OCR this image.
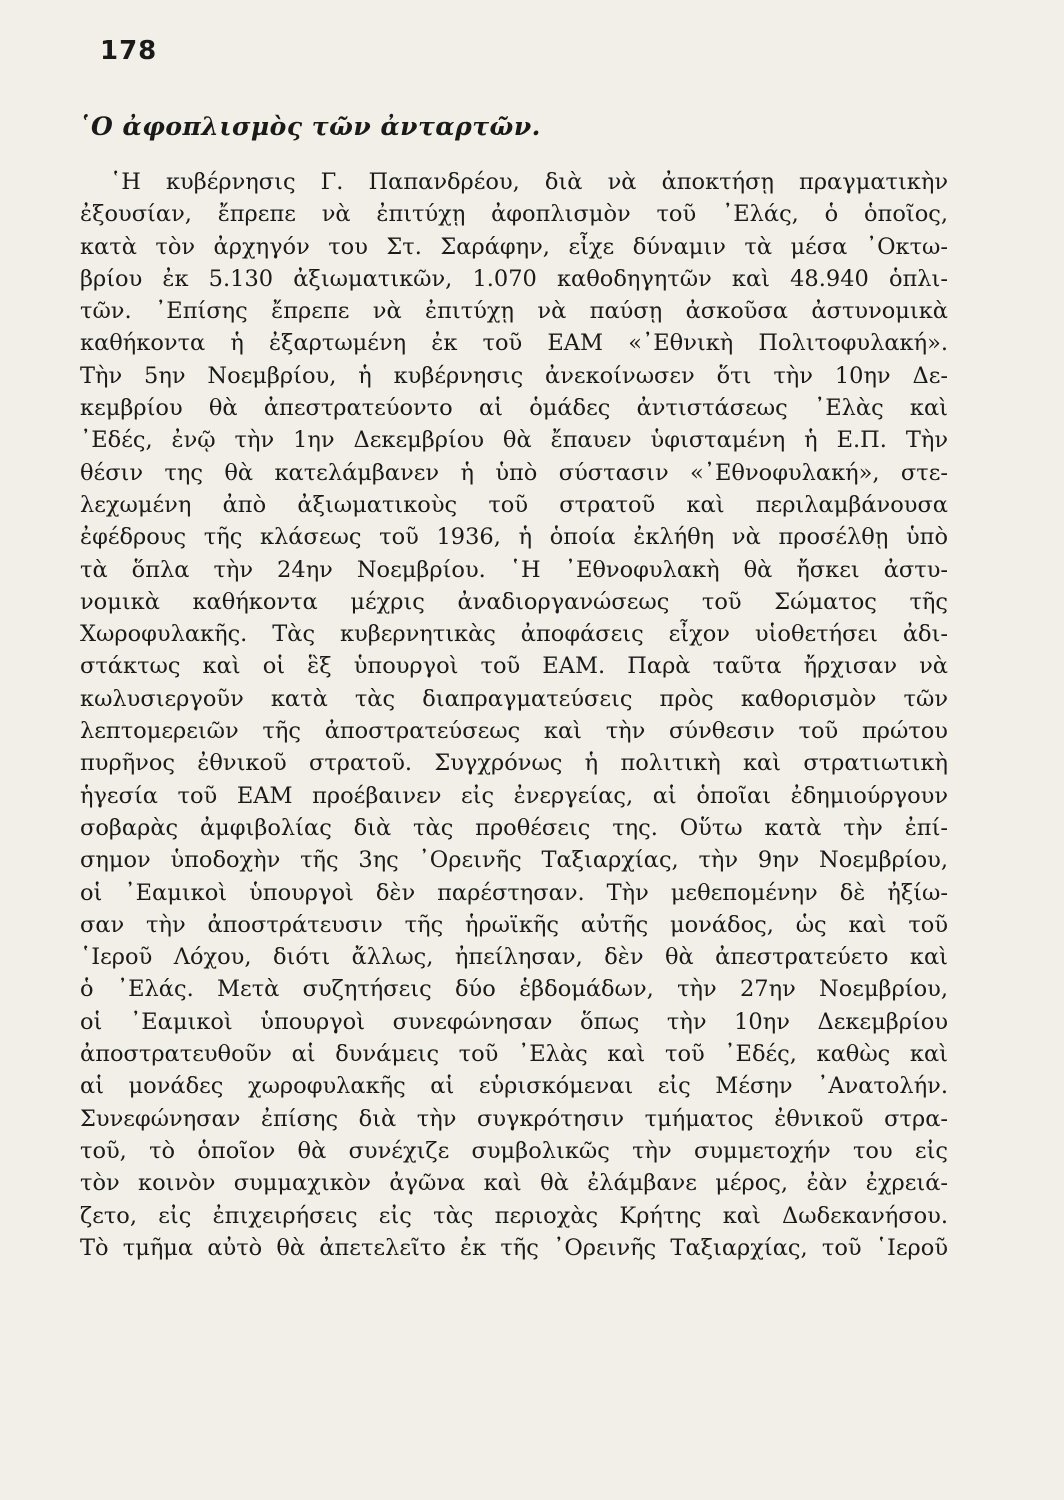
178
῾Ο ἀφοπλισμὸς τῶν ἀνταρτῶν.
῾Η κυβέρνησις Γ. Παπανδρέου, διὰ νὰ ἀποκτήσῃ πραγματικὴν
ἐξουσίαν, ἔπρεπε νὰ ἐπιτύχῃ ἀφοπλισμὸν τοῦ ᾿Ελάς, ὁ ὁποῖος,
κατὰ τὸν ἀρχηγόν του Στ. Σαράφην, εἶχε δύναμιν τὰ μέσα ᾿Οκτω-
βρίου ἐκ 5.130 ἀξιωματικῶν, 1.070 καθοδηγητῶν καὶ 48.940 ὁπλι-
τῶν. ᾿Επίσης ἔπρεπε νὰ ἐπιτύχῃ νὰ παύσῃ ἀσκοῦσα ἀστυνομικὰ
καθήκοντα ἡ ἐξαρτωμένη ἐκ τοῦ ΕΑΜ «᾿Εθνικὴ Πολιτοφυλακή».
Τὴν 5ην Νοεμβρίου, ἡ κυβέρνησις ἀνεκοίνωσεν ὅτι τὴν 10ην Δε-
κεμβρίου θὰ ἀπεστρατεύοντο αἱ ὁμάδες ἀντιστάσεως ᾿Ελὰς καὶ
᾿Εδές, ἐνῷ τὴν 1ην Δεκεμβρίου θὰ ἔπαυεν ὑφισταμένη ἡ Ε.Π. Τὴν
θέσιν της θὰ κατελάμβανεν ἡ ὑπὸ σύστασιν «᾿Εθνοφυλακή», στε-
λεχωμένη ἀπὸ ἀξιωματικοὺς τοῦ στρατοῦ καὶ περιλαμβάνουσα
ἐφέδρους τῆς κλάσεως τοῦ 1936, ἡ ὁποία ἐκλήθη νὰ προσέλθῃ ὑπὸ
τὰ ὅπλα τὴν 24ην Νοεμβρίου. ῾Η ᾿Εθνοφυλακὴ θὰ ἤσκει ἀστυ-
νομικὰ καθήκοντα μέχρις ἀναδιοργανώσεως τοῦ Σώματος τῆς
Χωροφυλακῆς. Τὰς κυβερνητικὰς ἀποφάσεις εἶχον υἱοθετήσει ἀδι-
στάκτως καὶ οἱ ἓξ ὑπουργοὶ τοῦ ΕΑΜ. Παρὰ ταῦτα ἤρχισαν νὰ
κωλυσιεργοῦν κατὰ τὰς διαπραγματεύσεις πρὸς καθορισμὸν τῶν
λεπτομερειῶν τῆς ἀποστρατεύσεως καὶ τὴν σύνθεσιν τοῦ πρώτου
πυρῆνος ἐθνικοῦ στρατοῦ. Συγχρόνως ἡ πολιτικὴ καὶ στρατιωτικὴ
ἡγεσία τοῦ ΕΑΜ προέβαινεν εἰς ἐνεργείας, αἱ ὁποῖαι ἐδημιούργουν
σοβαρὰς ἀμφιβολίας διὰ τὰς προθέσεις της. Οὕτω κατὰ τὴν ἐπί-
σημον ὑποδοχὴν τῆς 3ης ᾿Ορεινῆς Ταξιαρχίας, τὴν 9ην Νοεμβρίου,
οἱ ᾿Εαμικοὶ ὑπουργοὶ δὲν παρέστησαν. Τὴν μεθεπομένην δὲ ἠξίω-
σαν τὴν ἀποστράτευσιν τῆς ἡρωϊκῆς αὐτῆς μονάδος, ὡς καὶ τοῦ
῾Ιεροῦ Λόχου, διότι ἄλλως, ἠπείλησαν, δὲν θὰ ἀπεστρατεύετο καὶ
ὁ ᾿Ελάς. Μετὰ συζητήσεις δύο ἑβδομάδων, τὴν 27ην Νοεμβρίου,
οἱ ᾿Εαμικοὶ ὑπουργοὶ συνεφώνησαν ὅπως τὴν 10ην Δεκεμβρίου
ἀποστρατευθοῦν αἱ δυνάμεις τοῦ ᾿Ελὰς καὶ τοῦ ᾿Εδές, καθὼς καὶ
αἱ μονάδες χωροφυλακῆς αἱ εὑρισκόμεναι εἰς Μέσην ᾿Ανατολήν.
Συνεφώνησαν ἐπίσης διὰ τὴν συγκρότησιν τμήματος ἐθνικοῦ στρα-
τοῦ, τὸ ὁποῖον θὰ συνέχιζε συμβολικῶς τὴν συμμετοχήν του εἰς
τὸν κοινὸν συμμαχικὸν ἀγῶνα καὶ θὰ ἐλάμβανε μέρος, ἐὰν ἐχρειά-
ζετο, εἰς ἐπιχειρήσεις εἰς τὰς περιοχὰς Κρήτης καὶ Δωδεκανήσου.
Τὸ τμῆμα αὐτὸ θὰ ἀπετελεῖτο ἐκ τῆς ᾿Ορεινῆς Ταξιαρχίας, τοῦ ῾Ιεροῦ
